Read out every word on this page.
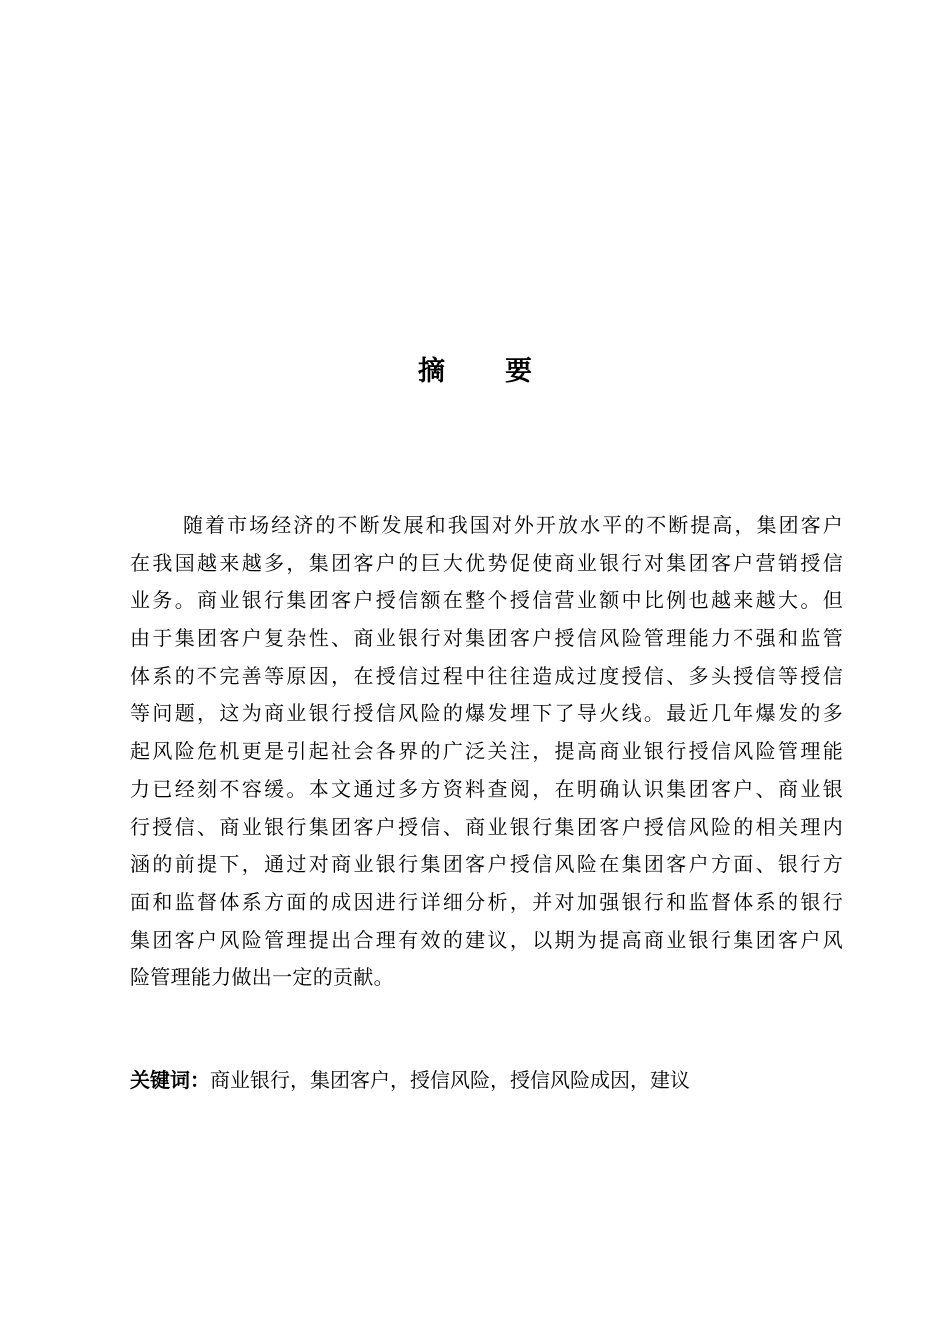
摘 要
随着市场经济的不断发展和我国对外开放水平的不断提高，集团客户
在我国越来越多，集团客户的巨大优势促使商业银行对集团客户营销授信
业务。商业银行集团客户授信额在整个授信营业额中比例也越来越大。但
由于集团客户复杂性、商业银行对集团客户授信风险管理能力不强和监管
体系的不完善等原因，在授信过程中往往造成过度授信、多头授信等授信
等问题，这为商业银行授信风险的爆发埋下了导火线。最近几年爆发的多
起风险危机更是引起社会各界的广泛关注，提高商业银行授信风险管理能
力已经刻不容缓。本文通过多方资料查阅，在明确认识集团客户、商业银
行授信、商业银行集团客户授信、商业银行集团客户授信风险的相关理内
涵的前提下，通过对商业银行集团客户授信风险在集团客户方面、银行方
面和监督体系方面的成因进行详细分析，并对加强银行和监督体系的银行
集团客户风险管理提出合理有效的建议，以期为提高商业银行集团客户风
险管理能力做出一定的贡献。
关键词：商业银行，集团客户，授信风险，授信风险成因，建议
